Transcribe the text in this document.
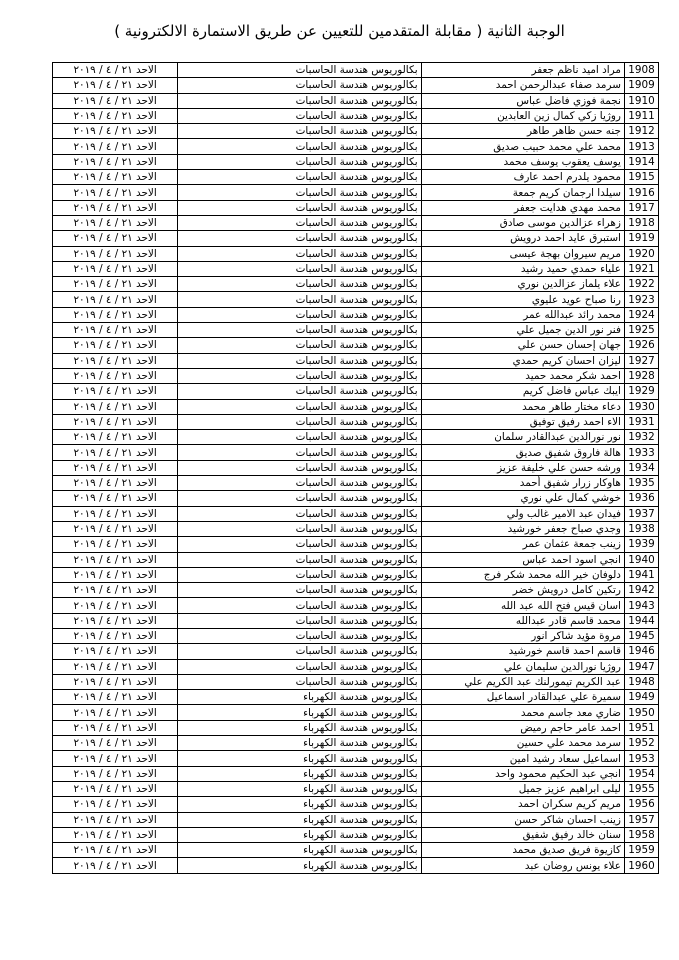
الوجبة الثانية ( مقابلة المتقدمين للتعيين عن طريق الاستمارة الالكترونية )
الاحد ٢١ / ٤ / ٢٠١٩	بكالوريوس هندسة الحاسبات	مراد اميد ناظم جعفر	1908
الاحد ٢١ / ٤ / ٢٠١٩	بكالوريوس هندسة الحاسبات	سرمد صفاء عبدالرحمن احمد	1909
الاحد ٢١ / ٤ / ٢٠١٩	بكالوريوس هندسة الحاسبات	نجمة فوزي فاضل عباس	1910
الاحد ٢١ / ٤ / ٢٠١٩	بكالوريوس هندسة الحاسبات	روژيا زكي كمال زين العابدين	1911
الاحد ٢١ / ٤ / ٢٠١٩	بكالوريوس هندسة الحاسبات	جنه حسن ظاهر طاهر	1912
الاحد ٢١ / ٤ / ٢٠١٩	بكالوريوس هندسة الحاسبات	محمد علي محمد حبيب صديق	1913
الاحد ٢١ / ٤ / ٢٠١٩	بكالوريوس هندسة الحاسبات	يوسف يعقوب يوسف محمد	1914
الاحد ٢١ / ٤ / ٢٠١٩	بكالوريوس هندسة الحاسبات	محمود يلدرم احمد عارف	1915
الاحد ٢١ / ٤ / ٢٠١٩	بكالوريوس هندسة الحاسبات	سيلدا ارجمان كريم جمعة	1916
الاحد ٢١ / ٤ / ٢٠١٩	بكالوريوس هندسة الحاسبات	محمد مهدي هدايت جعفر	1917
الاحد ٢١ / ٤ / ٢٠١٩	بكالوريوس هندسة الحاسبات	زهراء عزالدين موسى صادق	1918
الاحد ٢١ / ٤ / ٢٠١٩	بكالوريوس هندسة الحاسبات	استبرق عايد احمد درويش	1919
الاحد ٢١ / ٤ / ٢٠١٩	بكالوريوس هندسة الحاسبات	مريم سيروان بهجة عيسى	1920
الاحد ٢١ / ٤ / ٢٠١٩	بكالوريوس هندسة الحاسبات	علياء حمدي حميد رشيد	1921
الاحد ٢١ / ٤ / ٢٠١٩	بكالوريوس هندسة الحاسبات	علاء يلماز عزالدين نوري	1922
الاحد ٢١ / ٤ / ٢٠١٩	بكالوريوس هندسة الحاسبات	رنا صباح عويد عليوي	1923
الاحد ٢١ / ٤ / ٢٠١٩	بكالوريوس هندسة الحاسبات	محمد رائد عبدالله عمر	1924
الاحد ٢١ / ٤ / ٢٠١٩	بكالوريوس هندسة الحاسبات	فنر نور الدين جميل علي	1925
الاحد ٢١ / ٤ / ٢٠١٩	بكالوريوس هندسة الحاسبات	جهان إحسان حسن علي	1926
الاحد ٢١ / ٤ / ٢٠١٩	بكالوريوس هندسة الحاسبات	ليزان احسان كريم حمدي	1927
الاحد ٢١ / ٤ / ٢٠١٩	بكالوريوس هندسة الحاسبات	احمد شكر محمد حميد	1928
الاحد ٢١ / ٤ / ٢٠١٩	بكالوريوس هندسة الحاسبات	ايبك عباس فاضل كريم	1929
الاحد ٢١ / ٤ / ٢٠١٩	بكالوريوس هندسة الحاسبات	دعاء مختار طاهر محمد	1930
الاحد ٢١ / ٤ / ٢٠١٩	بكالوريوس هندسة الحاسبات	الاء احمد رفيق توفيق	1931
الاحد ٢١ / ٤ / ٢٠١٩	بكالوريوس هندسة الحاسبات	نور نورالدين عبدالقادر سلمان	1932
الاحد ٢١ / ٤ / ٢٠١٩	بكالوريوس هندسة الحاسبات	هالة فاروق شفيق صديق	1933
الاحد ٢١ / ٤ / ٢٠١٩	بكالوريوس هندسة الحاسبات	ورشه حسن علي خليفة عزيز	1934
الاحد ٢١ / ٤ / ٢٠١٩	بكالوريوس هندسة الحاسبات	هاوكار زرار شفيق أحمد	1935
الاحد ٢١ / ٤ / ٢٠١٩	بكالوريوس هندسة الحاسبات	خوشي كمال علي نوري	1936
الاحد ٢١ / ٤ / ٢٠١٩	بكالوريوس هندسة الحاسبات	فيدان عبد الامير غالب ولي	1937
الاحد ٢١ / ٤ / ٢٠١٩	بكالوريوس هندسة الحاسبات	وجدي صباح جعفر خورشيد	1938
الاحد ٢١ / ٤ / ٢٠١٩	بكالوريوس هندسة الحاسبات	زينب جمعة عثمان عمر	1939
الاحد ٢١ / ٤ / ٢٠١٩	بكالوريوس هندسة الحاسبات	انجي اسود احمد عباس	1940
الاحد ٢١ / ٤ / ٢٠١٩	بكالوريوس هندسة الحاسبات	دلوفان خير الله محمد شكر فرج	1941
الاحد ٢١ / ٤ / ٢٠١٩	بكالوريوس هندسة الحاسبات	رتكين كامل درويش خضر	1942
الاحد ٢١ / ٤ / ٢٠١٩	بكالوريوس هندسة الحاسبات	اسان قيس فتح الله عبد الله	1943
الاحد ٢١ / ٤ / ٢٠١٩	بكالوريوس هندسة الحاسبات	محمد قاسم قادر عبدالله	1944
الاحد ٢١ / ٤ / ٢٠١٩	بكالوريوس هندسة الحاسبات	مروة مؤيد شاكر انور	1945
الاحد ٢١ / ٤ / ٢٠١٩	بكالوريوس هندسة الحاسبات	قاسم احمد قاسم خورشيد	1946
الاحد ٢١ / ٤ / ٢٠١٩	بكالوريوس هندسة الحاسبات	روژيا نورالدين سليمان علي	1947
الاحد ٢١ / ٤ / ٢٠١٩	بكالوريوس هندسة الحاسبات	عبد الكريم تيمورلنك عبد الكريم علي	1948
الاحد ٢١ / ٤ / ٢٠١٩	بكالوريوس هندسة الكهرباء	سميرة علي عبدالقادر اسماعيل	1949
الاحد ٢١ / ٤ / ٢٠١٩	بكالوريوس هندسة الكهرباء	ضاري معد جاسم محمد	1950
الاحد ٢١ / ٤ / ٢٠١٩	بكالوريوس هندسة الكهرباء	احمد عامر حاجم رميض	1951
الاحد ٢١ / ٤ / ٢٠١٩	بكالوريوس هندسة الكهرباء	سرمد محمد علي حسين	1952
الاحد ٢١ / ٤ / ٢٠١٩	بكالوريوس هندسة الكهرباء	اسماعيل سعاد رشيد امين	1953
الاحد ٢١ / ٤ / ٢٠١٩	بكالوريوس هندسة الكهرباء	انجي عبد الحكيم محمود واحد	1954
الاحد ٢١ / ٤ / ٢٠١٩	بكالوريوس هندسة الكهرباء	ليلى ابراهيم عزيز جميل	1955
الاحد ٢١ / ٤ / ٢٠١٩	بكالوريوس هندسة الكهرباء	مريم كريم سكران احمد	1956
الاحد ٢١ / ٤ / ٢٠١٩	بكالوريوس هندسة الكهرباء	زينب احسان شاكر حسن	1957
الاحد ٢١ / ٤ / ٢٠١٩	بكالوريوس هندسة الكهرباء	سنان خالد رفيق شفيق	1958
الاحد ٢١ / ٤ / ٢٠١٩	بكالوريوس هندسة الكهرباء	كازيوة فريق صديق محمد	1959
الاحد ٢١ / ٤ / ٢٠١٩	بكالوريوس هندسة الكهرباء	علاء يونس روضان عبد	1960
